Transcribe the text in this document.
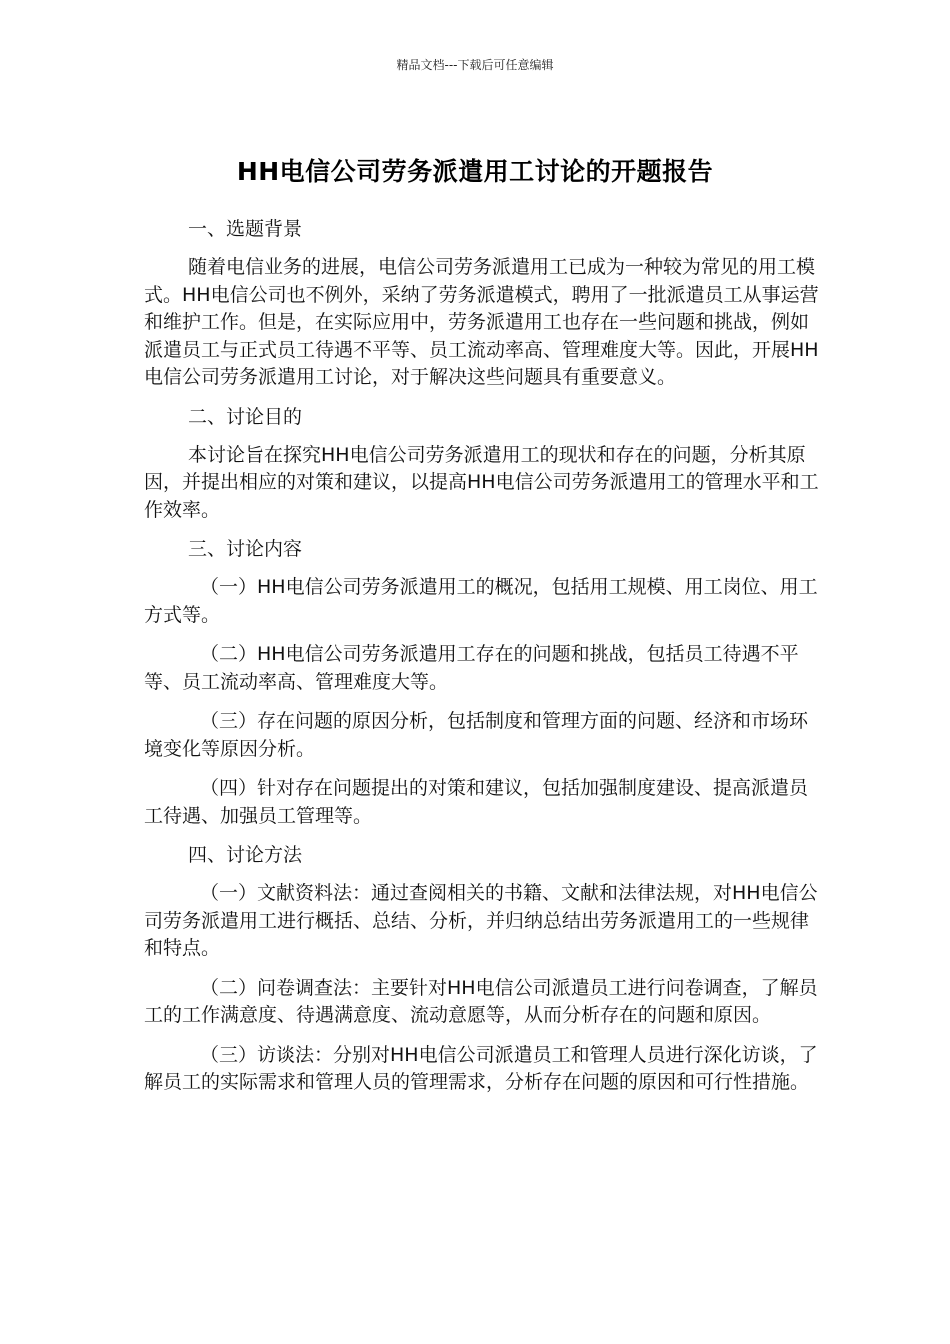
精品文档---下载后可任意编辑
HH电信公司劳务派遣用工讨论的开题报告
一、选题背景

随着电信业务的进展，电信公司劳务派遣用工已成为一种较为常见的用工模式。HH电信公司也不例外，采纳了劳务派遣模式，聘用了一批派遣员工从事运营和维护工作。但是，在实际应用中，劳务派遣用工也存在一些问题和挑战，例如派遣员工与正式员工待遇不平等、员工流动率高、管理难度大等。因此，开展HH电信公司劳务派遣用工讨论，对于解决这些问题具有重要意义。

二、讨论目的

本讨论旨在探究HH电信公司劳务派遣用工的现状和存在的问题，分析其原因，并提出相应的对策和建议，以提高HH电信公司劳务派遣用工的管理水平和工作效率。

三、讨论内容

（一）HH电信公司劳务派遣用工的概况，包括用工规模、用工岗位、用工方式等。

（二）HH电信公司劳务派遣用工存在的问题和挑战，包括员工待遇不平等、员工流动率高、管理难度大等。

（三）存在问题的原因分析，包括制度和管理方面的问题、经济和市场环境变化等原因分析。

（四）针对存在问题提出的对策和建议，包括加强制度建设、提高派遣员工待遇、加强员工管理等。

四、讨论方法

（一）文献资料法：通过查阅相关的书籍、文献和法律法规，对HH电信公司劳务派遣用工进行概括、总结、分析，并归纳总结出劳务派遣用工的一些规律和特点。

（二）问卷调查法：主要针对HH电信公司派遣员工进行问卷调查，了解员工的工作满意度、待遇满意度、流动意愿等，从而分析存在的问题和原因。

（三）访谈法：分别对HH电信公司派遣员工和管理人员进行深化访谈，了解员工的实际需求和管理人员的管理需求，分析存在问题的原因和可行性措施。
